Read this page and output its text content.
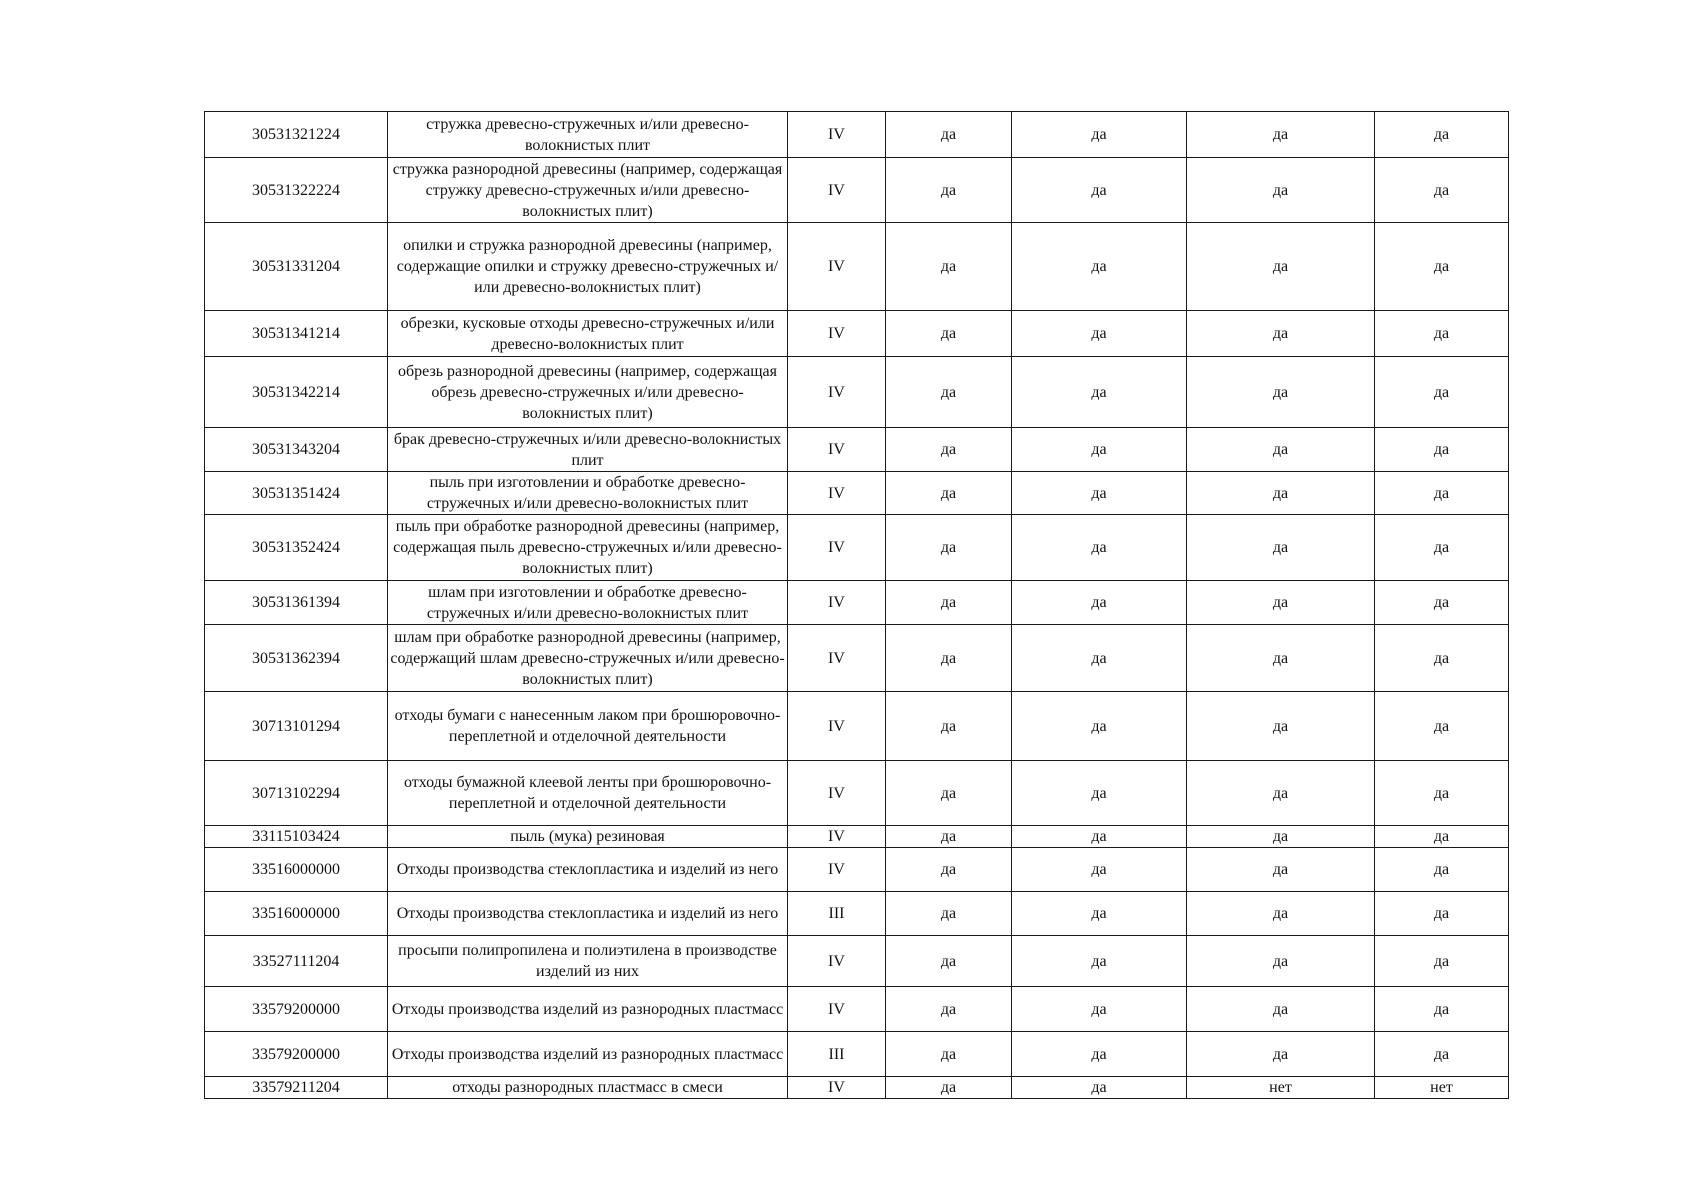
30531321224	стружка древесно-стружечных и/или древесно-волокнистых плит	IV	да	да	да	да
30531322224	стружка разнородной древесины (например, содержащая стружку древесно-стружечных и/или древесно-волокнистых плит)	IV	да	да	да	да
30531331204	опилки и стружка разнородной древесины (например, содержащие опилки и стружку древесно-стружечных и/или древесно-волокнистых плит)	IV	да	да	да	да
30531341214	обрезки, кусковые отходы древесно-стружечных и/или древесно-волокнистых плит	IV	да	да	да	да
30531342214	обрезь разнородной древесины (например, содержащая обрезь древесно-стружечных и/или древесно-волокнистых плит)	IV	да	да	да	да
30531343204	брак древесно-стружечных и/или древесно-волокнистых плит	IV	да	да	да	да
30531351424	пыль при изготовлении и обработке древесно-стружечных и/или древесно-волокнистых плит	IV	да	да	да	да
30531352424	пыль при обработке разнородной древесины (например, содержащая пыль древесно-стружечных и/или древесно-волокнистых плит)	IV	да	да	да	да
30531361394	шлам при изготовлении и обработке древесно-стружечных и/или древесно-волокнистых плит	IV	да	да	да	да
30531362394	шлам при обработке разнородной древесины (например, содержащий шлам древесно-стружечных и/или древесно-волокнистых плит)	IV	да	да	да	да
30713101294	отходы бумаги с нанесенным лаком при брошюровочно-переплетной и отделочной деятельности	IV	да	да	да	да
30713102294	отходы бумажной клеевой ленты при брошюровочно-переплетной и отделочной деятельности	IV	да	да	да	да
33115103424	пыль (мука) резиновая	IV	да	да	да	да
33516000000	Отходы производства стеклопластика и изделий из него	IV	да	да	да	да
33516000000	Отходы производства стеклопластика и изделий из него	III	да	да	да	да
33527111204	просыпи полипропилена и полиэтилена в производстве изделий из них	IV	да	да	да	да
33579200000	Отходы производства изделий из разнородных пластмасс	IV	да	да	да	да
33579200000	Отходы производства изделий из разнородных пластмасс	III	да	да	да	да
33579211204	отходы разнородных пластмасс в смеси	IV	да	да	нет	нет
